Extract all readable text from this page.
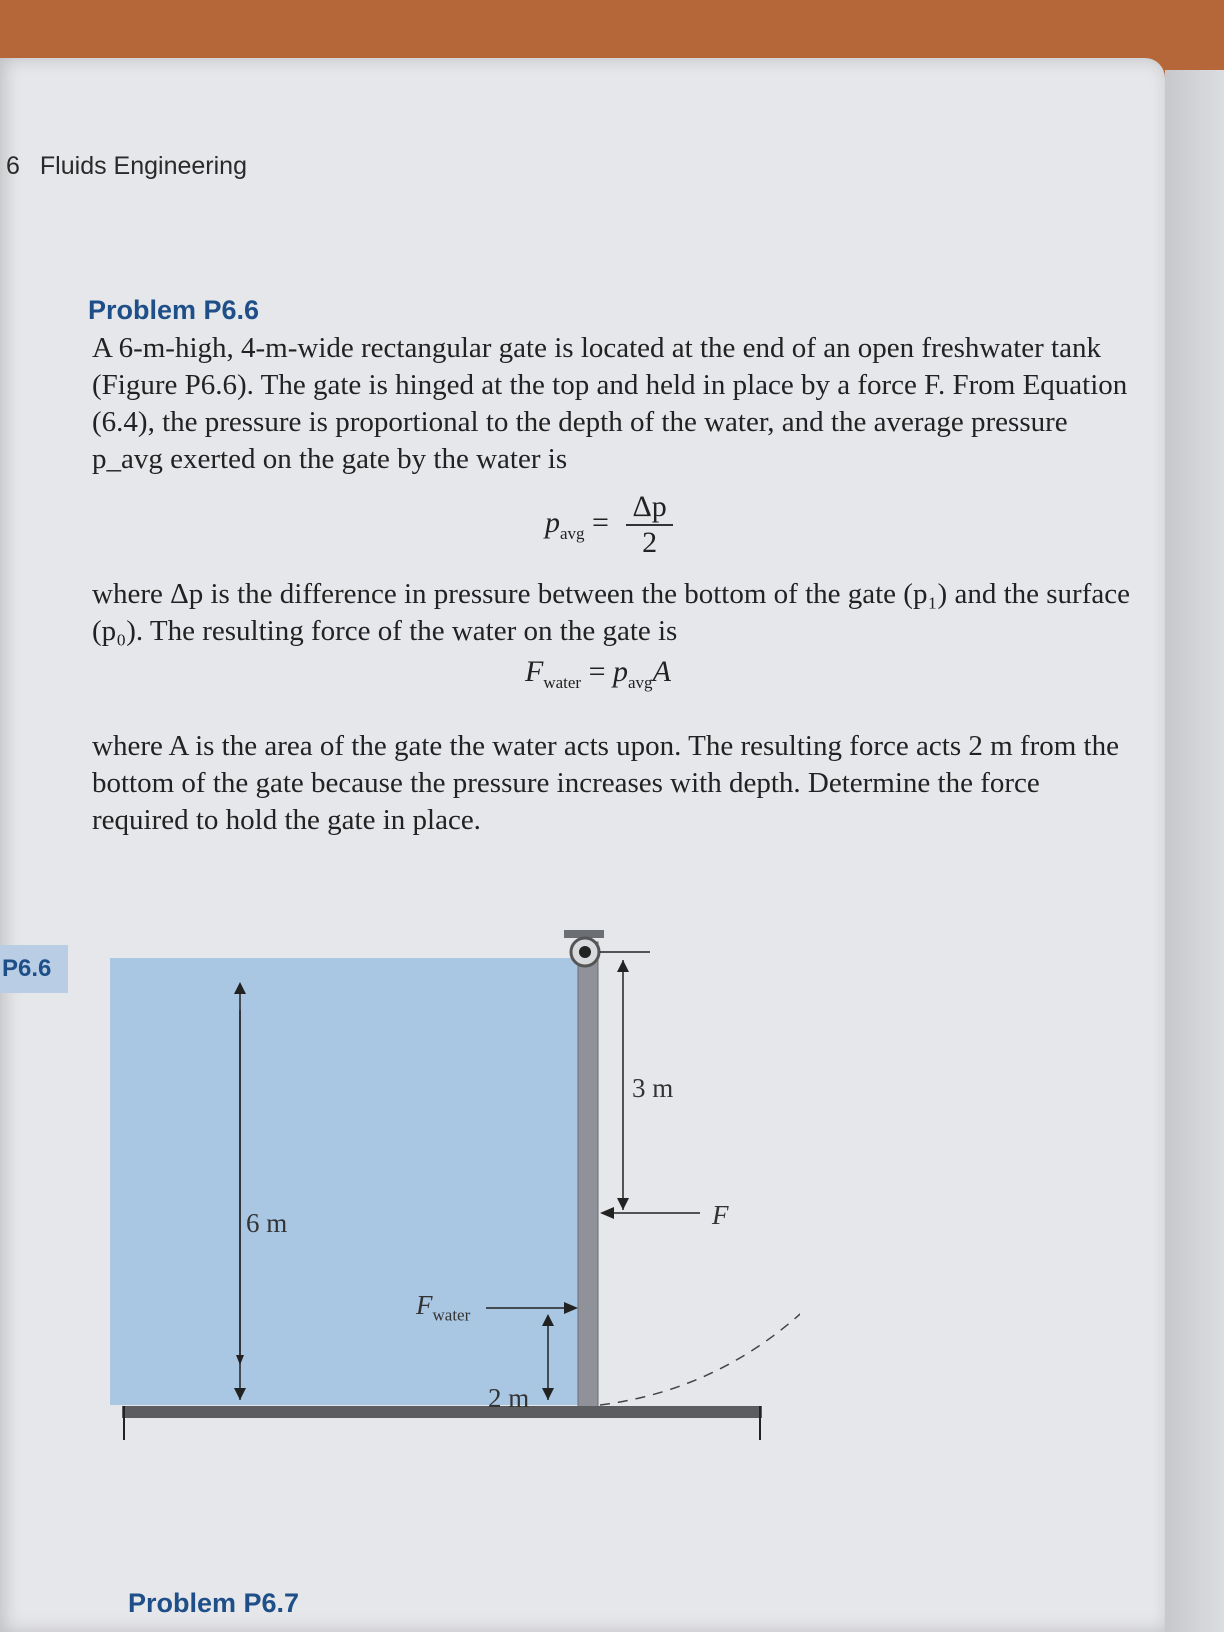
6 Fluids Engineering
Problem P6.6

A 6-m-high, 4-m-wide rectangular gate is located at the end of an open freshwater tank (Figure P6.6). The gate is hinged at the top and held in place by a force F. From Equation (6.4), the pressure is proportional to the depth of the water, and the average pressure p_avg exerted on the gate by the water is

$p_{avg} = \frac{\Delta p}{2}$

where Δp is the difference in pressure between the bottom of the gate (p₁) and the surface (p₀). The resulting force of the water on the gate is

$F_{water} = p_{avg}A$

where A is the area of the gate the water acts upon. The resulting force acts 2 m from the bottom of the gate because the pressure increases with depth. Determine the force required to hold the gate in place.

P6.6
6 m
3 m
F
$F_{water}$
2 m
Problem P6.7
